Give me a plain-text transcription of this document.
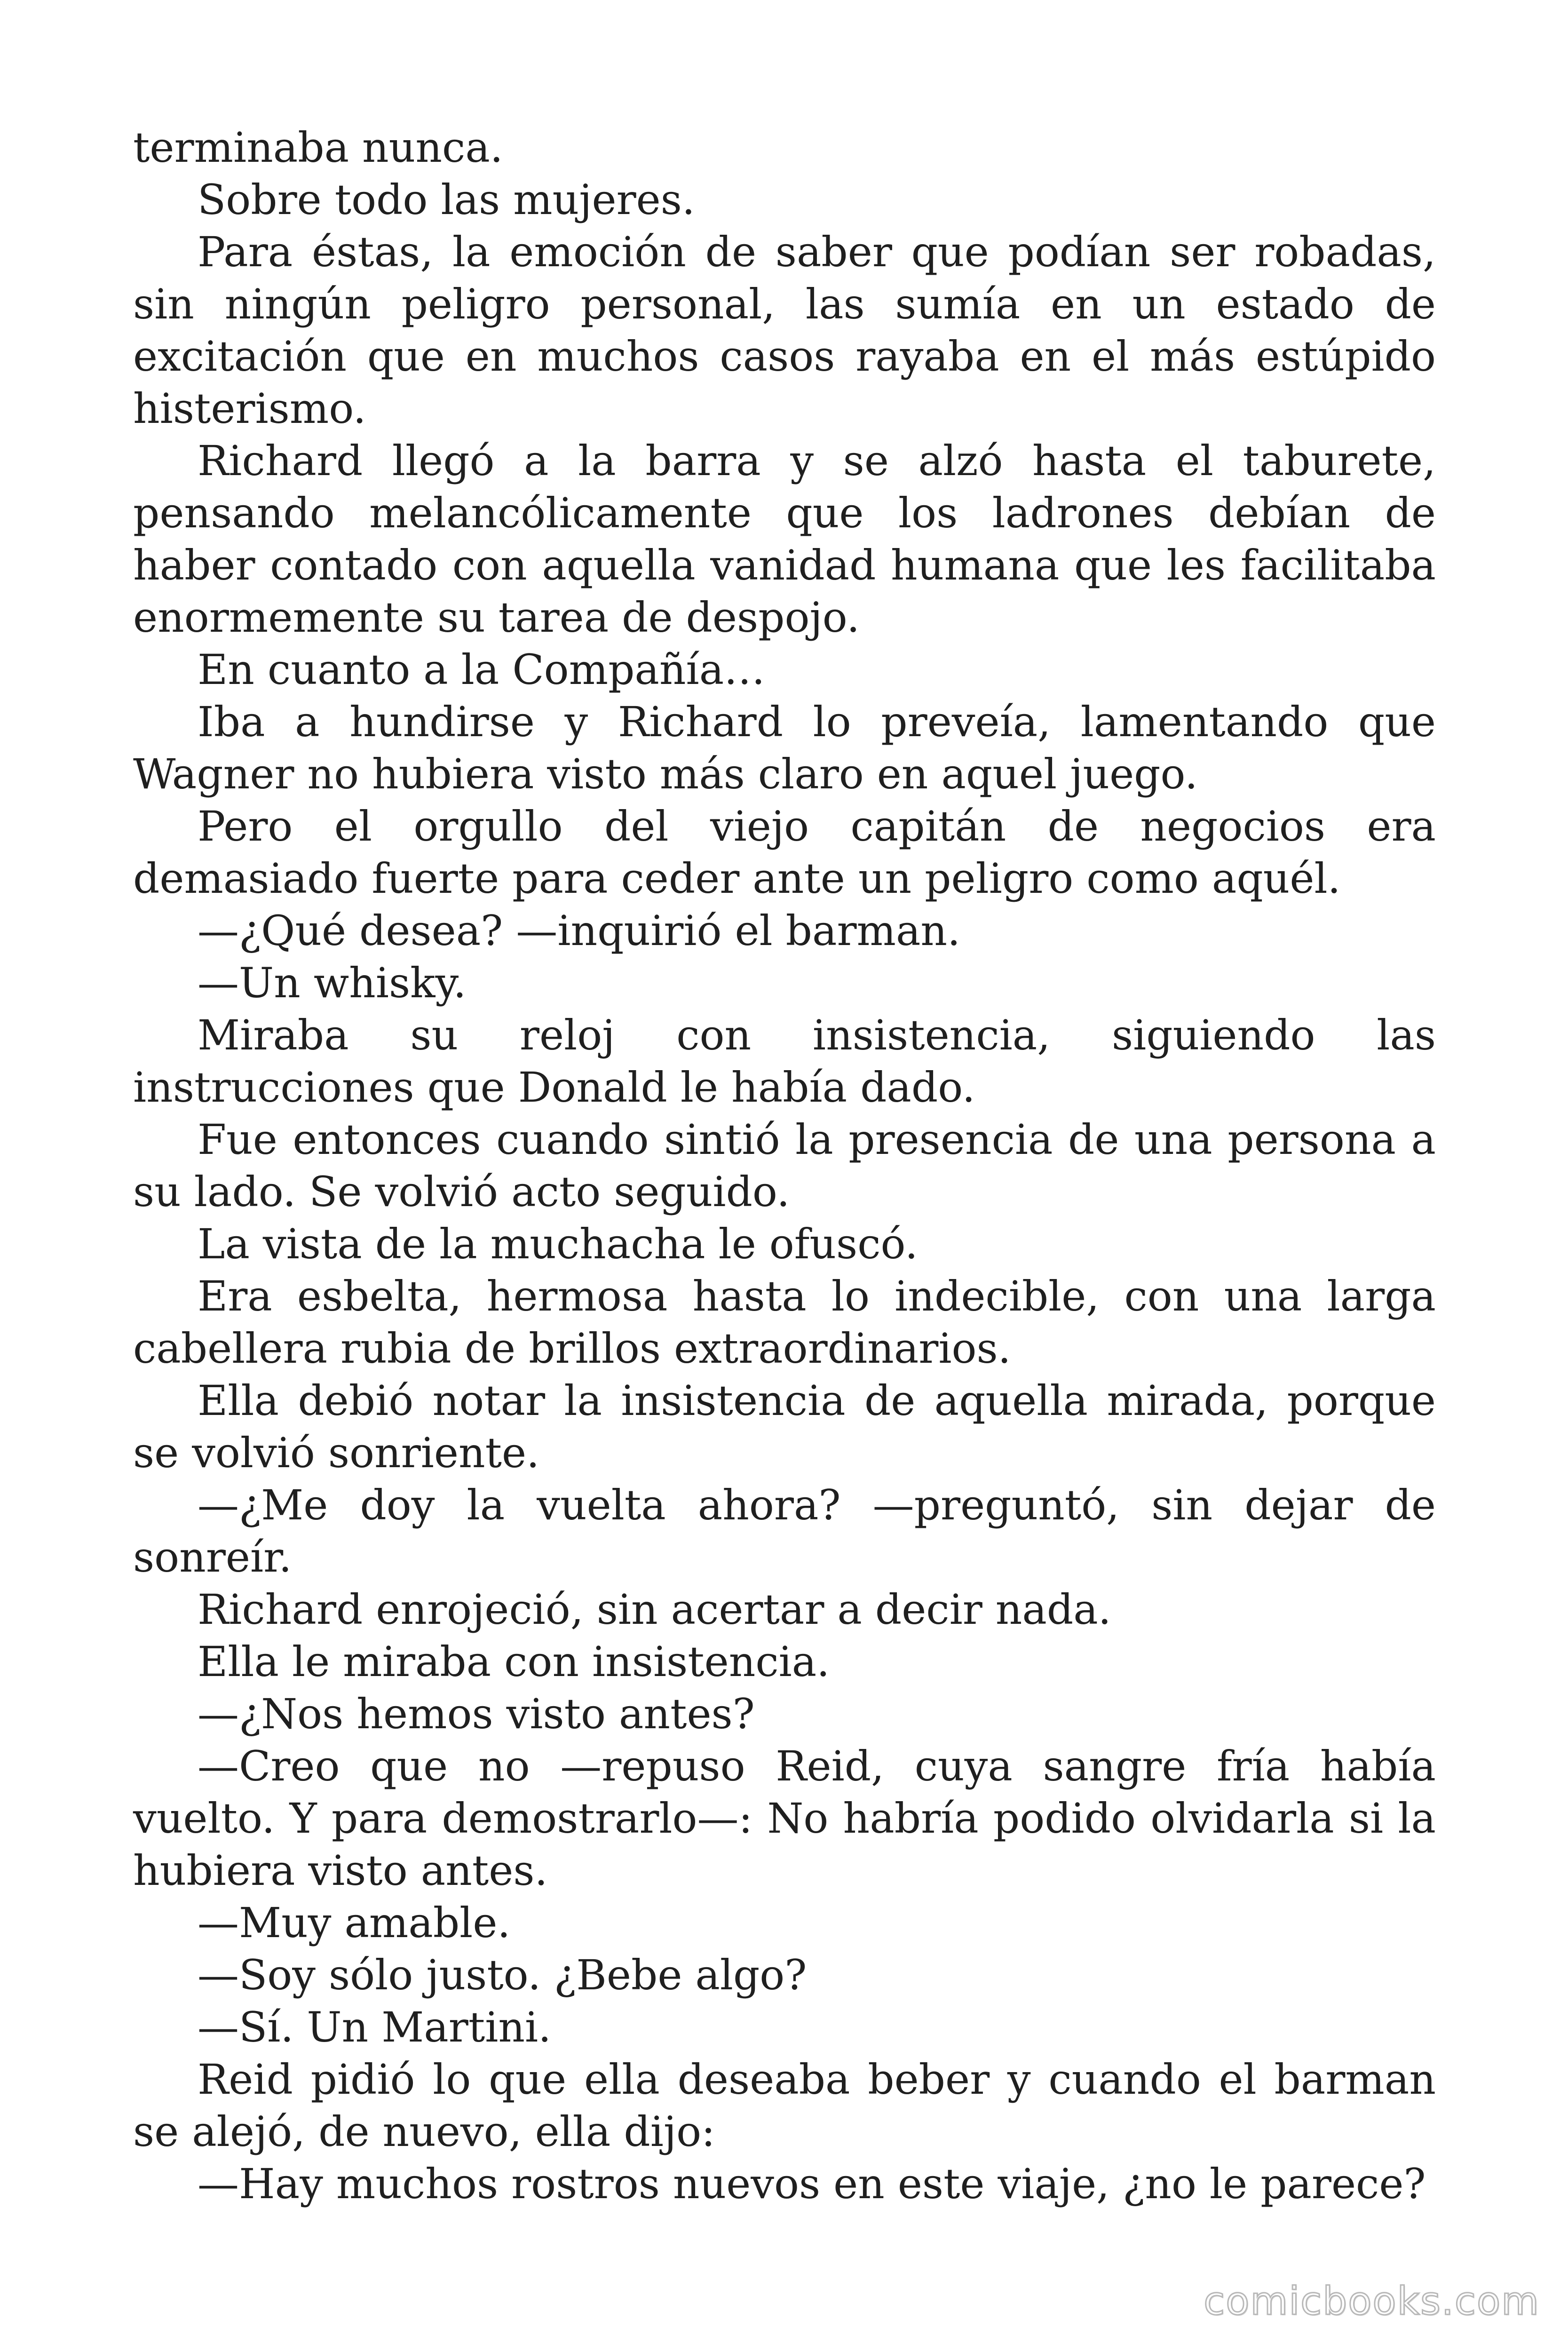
terminaba nunca.

Sobre todo las mujeres.

Para éstas, la emoción de saber que podían ser robadas, sin ningún peligro personal, las sumía en un estado de excitación que en muchos casos rayaba en el más estúpido histerismo.

Richard llegó a la barra y se alzó hasta el taburete, pensando melancólicamente que los ladrones debían de haber contado con aquella vanidad humana que les facilitaba enormemente su tarea de despojo.

En cuanto a la Compañía…

Iba a hundirse y Richard lo preveía, lamentando que Wagner no hubiera visto más claro en aquel juego.

Pero el orgullo del viejo capitán de negocios era demasiado fuerte para ceder ante un peligro como aquél.

—¿Qué desea? —inquirió el barman.

—Un whisky.

Miraba su reloj con insistencia, siguiendo las instrucciones que Donald le había dado.

Fue entonces cuando sintió la presencia de una persona a su lado. Se volvió acto seguido.

La vista de la muchacha le ofuscó.

Era esbelta, hermosa hasta lo indecible, con una larga cabellera rubia de brillos extraordinarios.

Ella debió notar la insistencia de aquella mirada, porque se volvió sonriente.

—¿Me doy la vuelta ahora? —preguntó, sin dejar de sonreír.

Richard enrojeció, sin acertar a decir nada.

Ella le miraba con insistencia.

—¿Nos hemos visto antes?

—Creo que no —repuso Reid, cuya sangre fría había vuelto. Y para demostrarlo—: No habría podido olvidarla si la hubiera visto antes.

—Muy amable.

—Soy sólo justo. ¿Bebe algo?

—Sí. Un Martini.

Reid pidió lo que ella deseaba beber y cuando el barman se alejó, de nuevo, ella dijo:

—Hay muchos rostros nuevos en este viaje, ¿no le parece?

comicbooks.com
